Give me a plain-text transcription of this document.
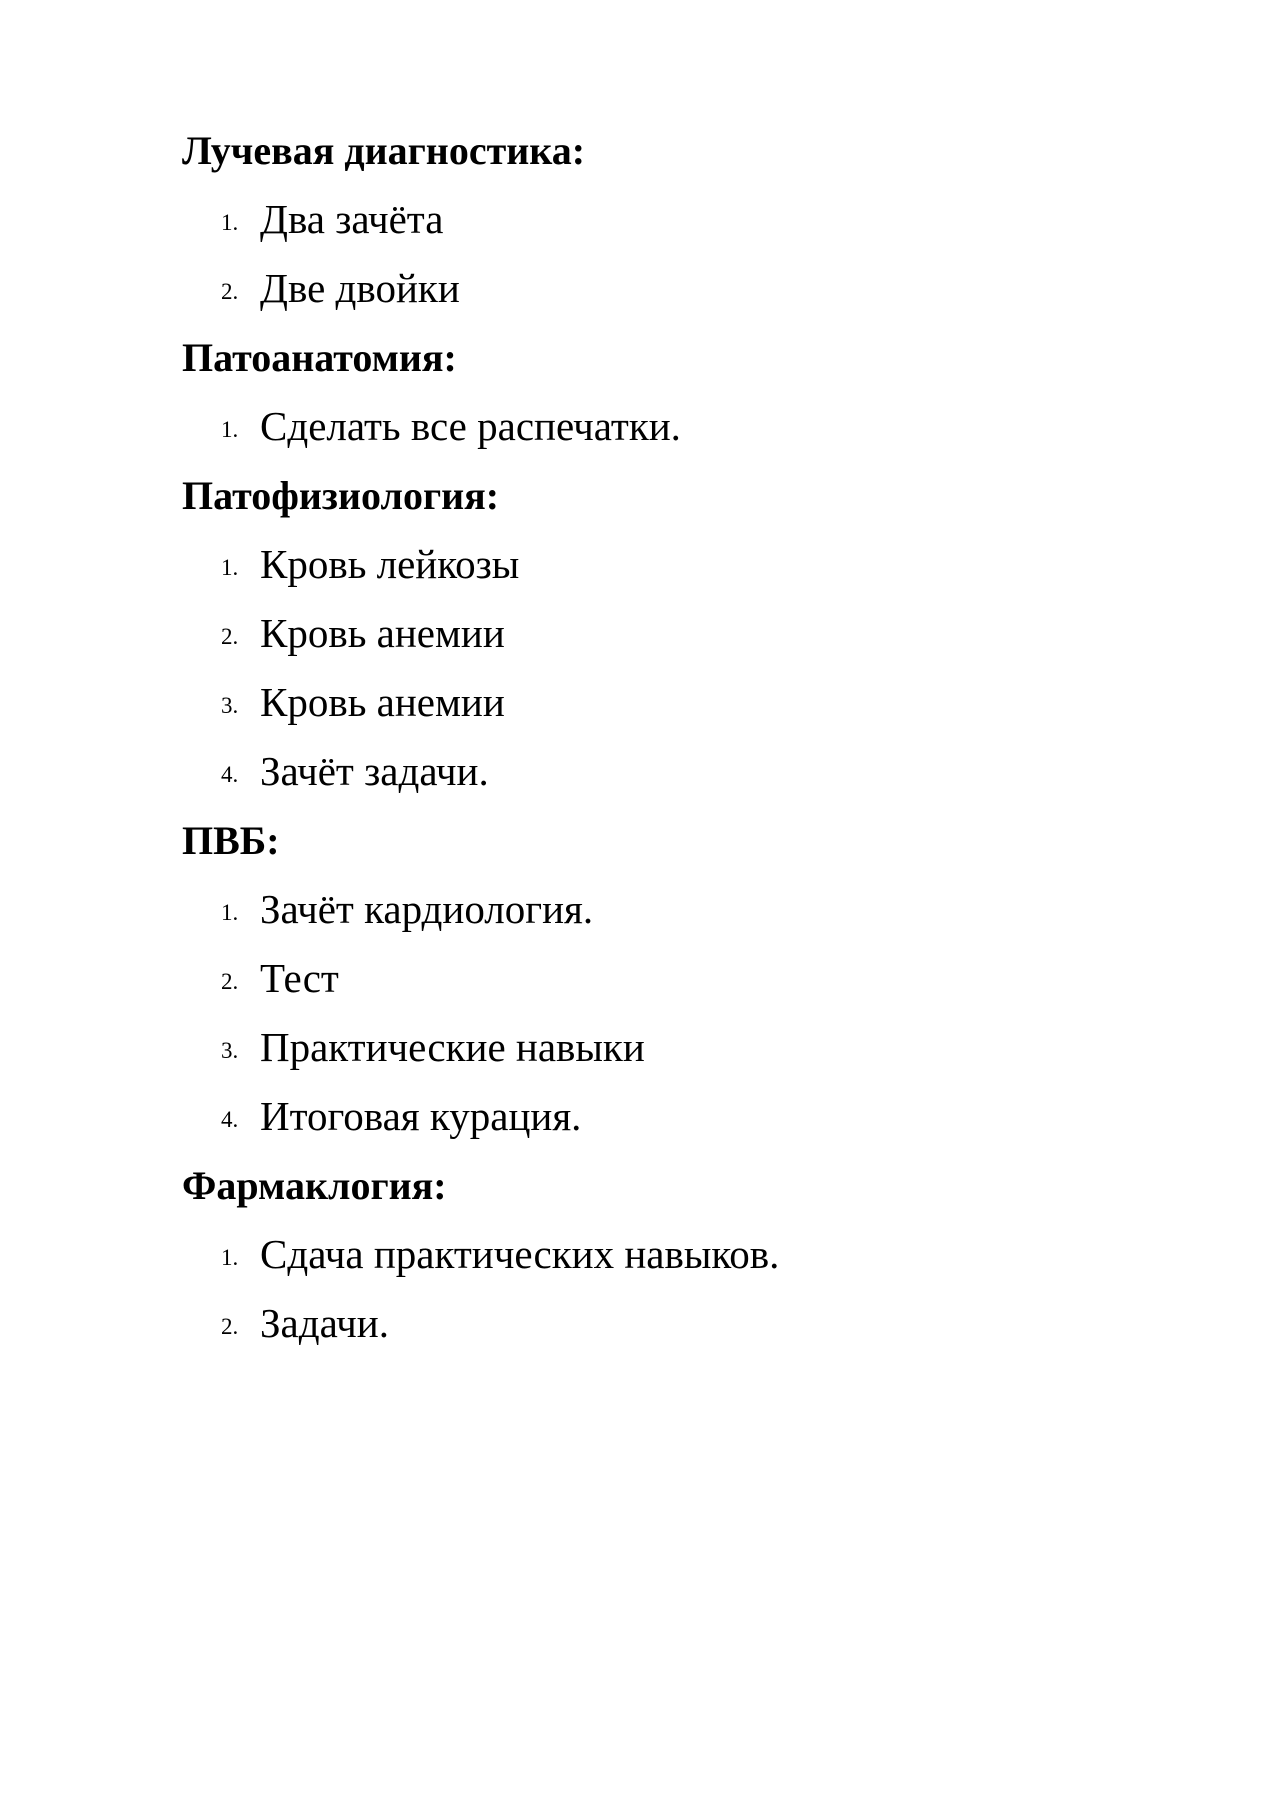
Лучевая диагностика:
1. Два зачёта
2. Две двойки
Патоанатомия:
1. Сделать все распечатки.
Патофизиология:
1. Кровь лейкозы
2. Кровь анемии
3. Кровь анемии
4. Зачёт задачи.
ПВБ:
1. Зачёт кардиология.
2. Тест
3. Практические навыки
4. Итоговая курация.
Фармаклогия:
1. Сдача практических навыков.
2. Задачи.
